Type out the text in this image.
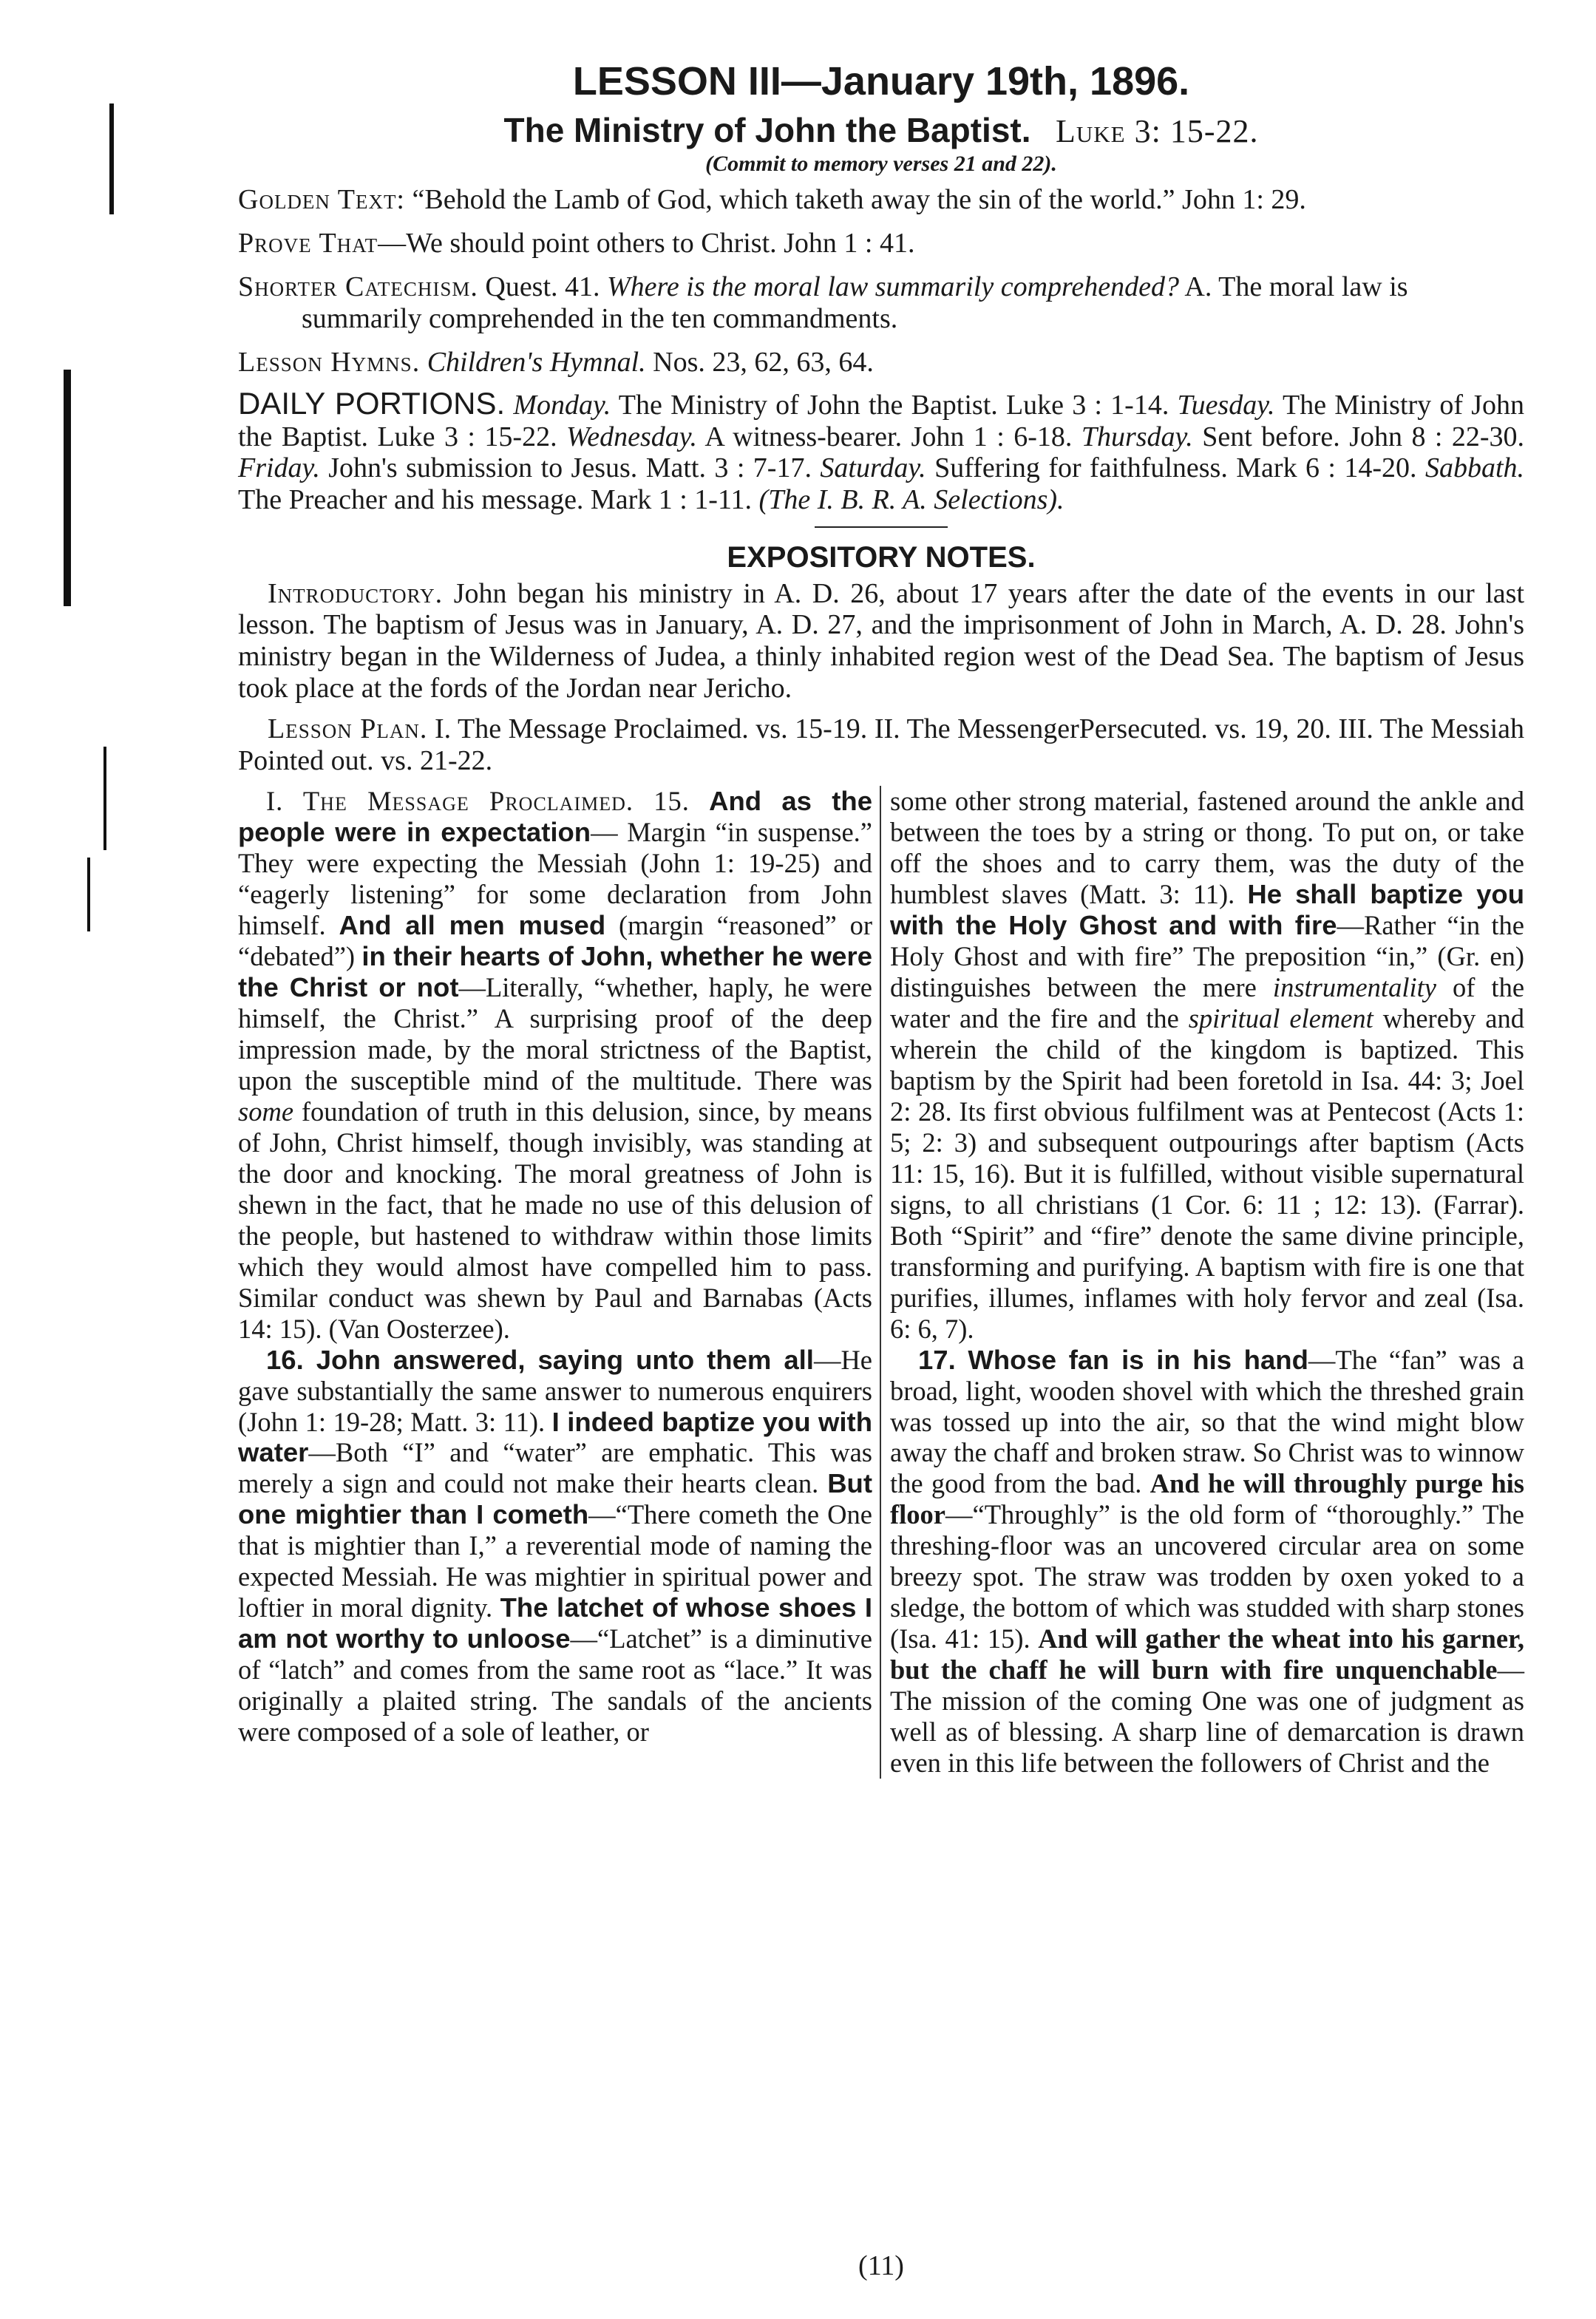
LESSON III—January 19th, 1896.
The Ministry of John the Baptist. Luke 3: 15-22.
(Commit to memory verses 21 and 22).
Golden Text: “Behold the Lamb of God, which taketh away the sin of the world.” John 1: 29.
Prove That—We should point others to Christ. John 1 : 41.
Shorter Catechism. Quest. 41. Where is the moral law summarily comprehended? A. The moral law is summarily comprehended in the ten commandments.
Lesson Hymns. Children's Hymnal. Nos. 23, 62, 63, 64.
DAILY PORTIONS. Monday. The Ministry of John the Baptist. Luke 3 : 1-14. Tuesday. The Ministry of John the Baptist. Luke 3 : 15-22. Wednesday. A witness-bearer. John 1 : 6-18. Thursday. Sent before. John 8 : 22-30. Friday. John's submission to Jesus. Matt. 3 : 7-17. Saturday. Suffering for faithfulness. Mark 6 : 14-20. Sabbath. The Preacher and his message. Mark 1 : 1-11. (The I. B. R. A. Selections).
EXPOSITORY NOTES.

Introductory. John began his ministry in A. D. 26, about 17 years after the date of the events in our last lesson. The baptism of Jesus was in January, A. D. 27, and the imprisonment of John in March, A. D. 28. John's ministry began in the Wilderness of Judea, a thinly inhabited region west of the Dead Sea. The baptism of Jesus took place at the fords of the Jordan near Jericho.

Lesson Plan. I. The Message Proclaimed. vs. 15-19. II. The MessengerPersecuted. vs. 19, 20. III. The Messiah Pointed out. vs. 21-22.

I. The Message Proclaimed. 15. And as the people were in expectation— Margin “in suspense.” They were expecting the Messiah (John 1: 19-25) and “eagerly listening” for some declaration from John himself. And all men mused (margin “reasoned” or “debated”) in their hearts of John, whether he were the Christ or not—Literally, “whether, haply, he were himself, the Christ.” A surprising proof of the deep impression made, by the moral strictness of the Baptist, upon the susceptible mind of the multitude. There was some foundation of truth in this delusion, since, by means of John, Christ himself, though invisibly, was standing at the door and knocking. The moral greatness of John is shewn in the fact, that he made no use of this delusion of the people, but hastened to withdraw within those limits which they would almost have compelled him to pass. Similar conduct was shewn by Paul and Barnabas (Acts 14: 15). (Van Oosterzee).

16. John answered, saying unto them all—He gave substantially the same answer to numerous enquirers (John 1: 19-28; Matt. 3: 11). I indeed baptize you with water—Both “I” and “water” are emphatic. This was merely a sign and could not make their hearts clean. But one mightier than I cometh—“There cometh the One that is mightier than I,” a reverential mode of naming the expected Messiah. He was mightier in spiritual power and loftier in moral dignity. The latchet of whose shoes I am not worthy to unloose—“Latchet” is a diminutive of “latch” and comes from the same root as “lace.” It was originally a plaited string. The sandals of the ancients were composed of a sole of leather, or

some other strong material, fastened around the ankle and between the toes by a string or thong. To put on, or take off the shoes and to carry them, was the duty of the humblest slaves (Matt. 3: 11). He shall baptize you with the Holy Ghost and with fire—Rather “in the Holy Ghost and with fire” The preposition “in,” (Gr. en) distinguishes between the mere instrumentality of the water and the fire and the spiritual element whereby and wherein the child of the kingdom is baptized. This baptism by the Spirit had been foretold in Isa. 44: 3; Joel 2: 28. Its first obvious fulfilment was at Pentecost (Acts 1: 5; 2: 3) and subsequent outpourings after baptism (Acts 11: 15, 16). But it is fulfilled, without visible supernatural signs, to all christians (1 Cor. 6: 11 ; 12: 13). (Farrar). Both “Spirit” and “fire” denote the same divine principle, transforming and purifying. A baptism with fire is one that purifies, illumes, inflames with holy fervor and zeal (Isa. 6: 6, 7).

17. Whose fan is in his hand—The “fan” was a broad, light, wooden shovel with which the threshed grain was tossed up into the air, so that the wind might blow away the chaff and broken straw. So Christ was to winnow the good from the bad. And he will throughly purge his floor—“Throughly” is the old form of “thoroughly.” The threshing-floor was an uncovered circular area on some breezy spot. The straw was trodden by oxen yoked to a sledge, the bottom of which was studded with sharp stones (Isa. 41: 15). And will gather the wheat into his garner, but the chaff he will burn with fire unquenchable—The mission of the coming One was one of judgment as well as of blessing. A sharp line of demarcation is drawn even in this life between the followers of Christ and the

(11)
